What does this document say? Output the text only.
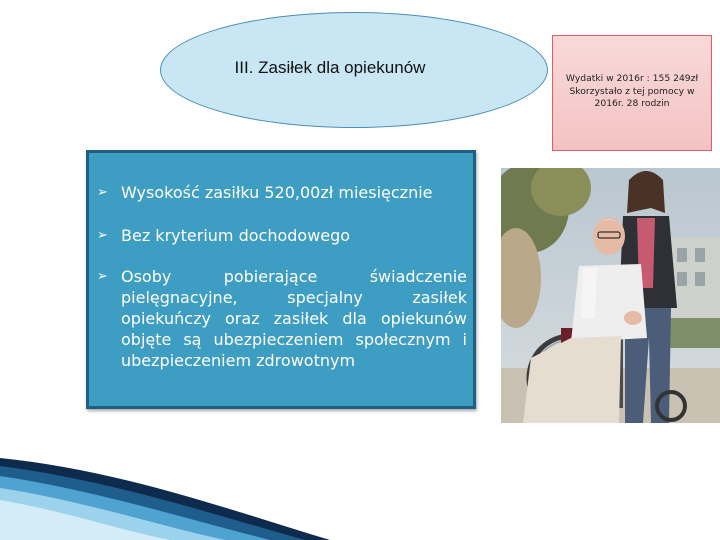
III. Zasiłek dla opiekunów
Wydatki w 2016r : 155 249zł
Skorzystało z tej pomocy w
2016r. 28 rodzin
➢ Wysokość zasiłku 520,00zł miesięcznie
➢ Bez kryterium dochodowego
➢ Osoby pobierające świadczenie pielęgnacyjne, specjalny zasiłek opiekuńczy oraz zasiłek dla opiekunów objęte są ubezpieczeniem społecznym i ubezpieczeniem zdrowotnym
